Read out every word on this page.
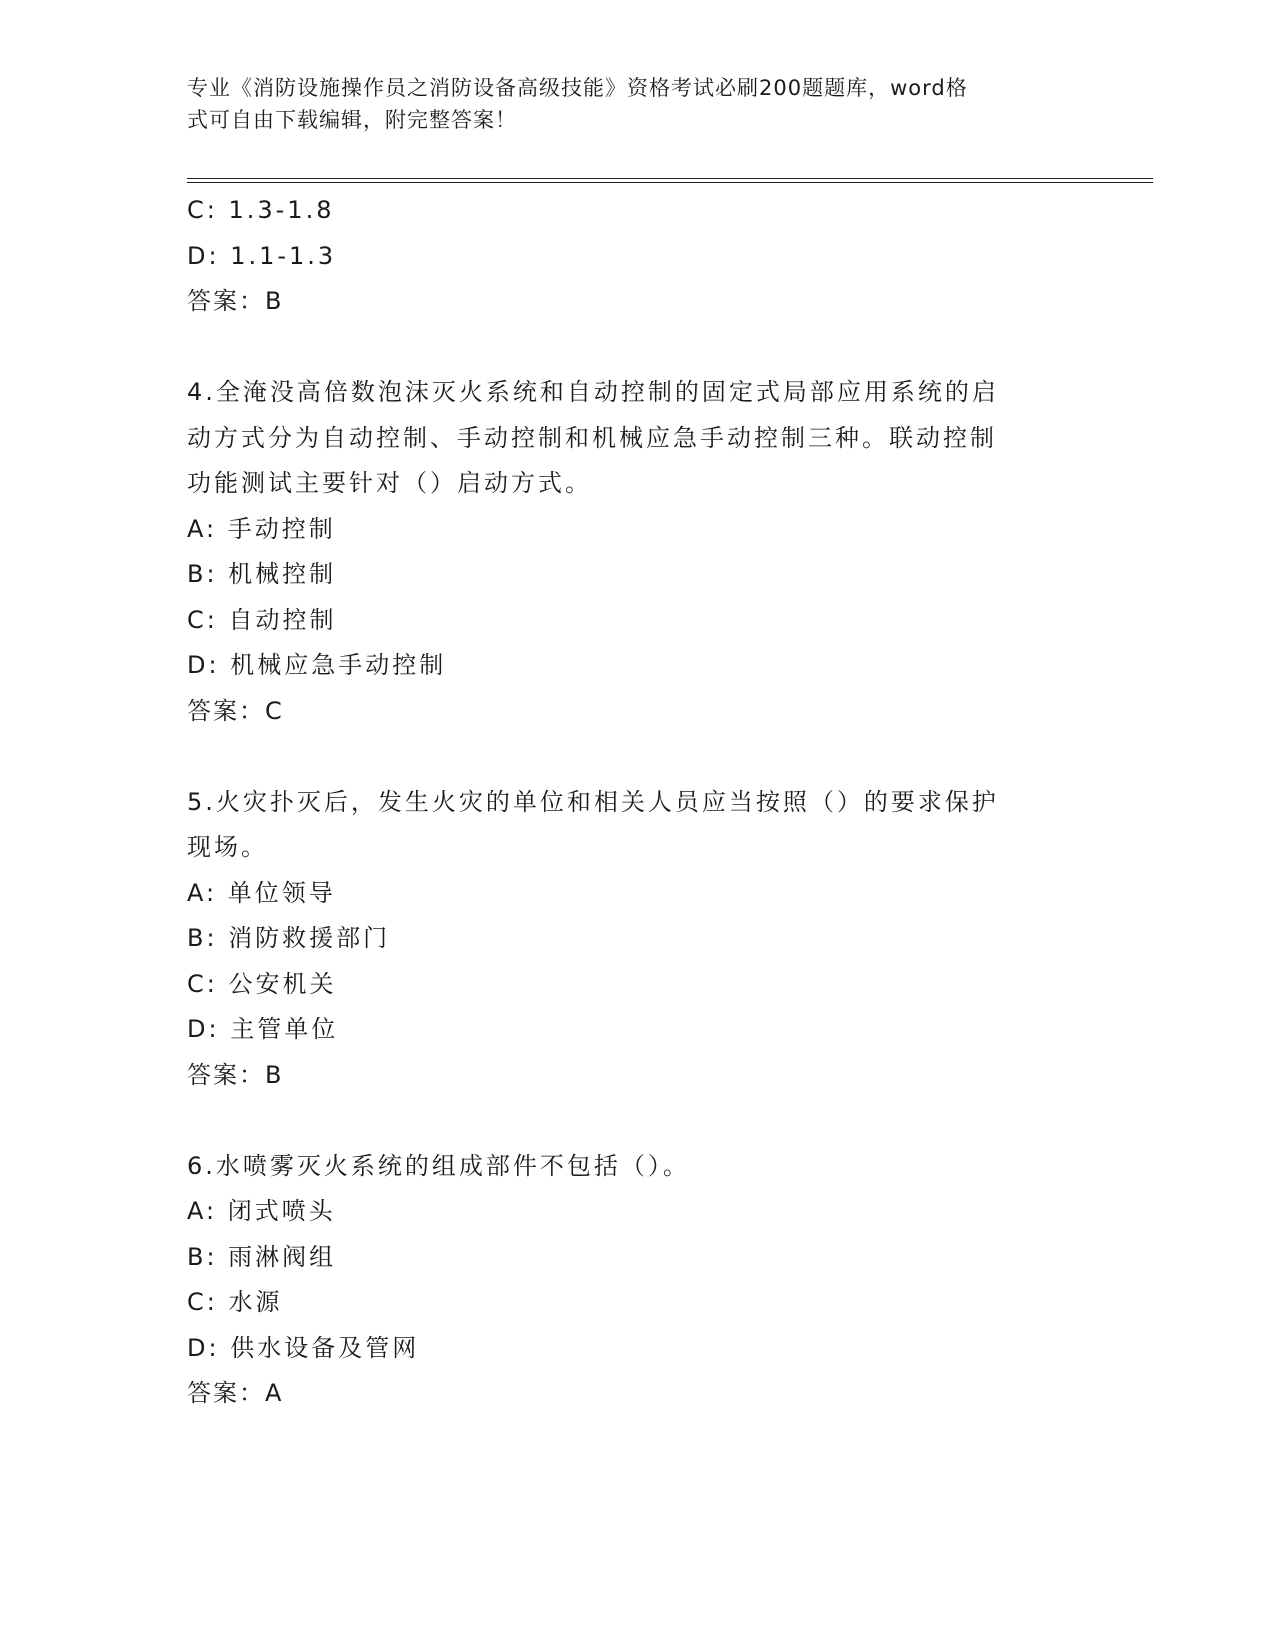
专业《消防设施操作员之消防设备高级技能》资格考试必刷200题题库，word格
式可自由下载编辑，附完整答案！
C: 1.3-1.8
D: 1.1-1.3
答案：B
4.全淹没高倍数泡沫灭火系统和自动控制的固定式局部应用系统的启
动方式分为自动控制、手动控制和机械应急手动控制三种。联动控制
功能测试主要针对（）启动方式。
A: 手动控制
B: 机械控制
C: 自动控制
D: 机械应急手动控制
答案：C
5.火灾扑灭后，发生火灾的单位和相关人员应当按照（）的要求保护
现场。
A: 单位领导
B: 消防救援部门
C: 公安机关
D: 主管单位
答案：B
6.水喷雾灭火系统的组成部件不包括（）。
A: 闭式喷头
B: 雨淋阀组
C: 水源
D: 供水设备及管网
答案：A
